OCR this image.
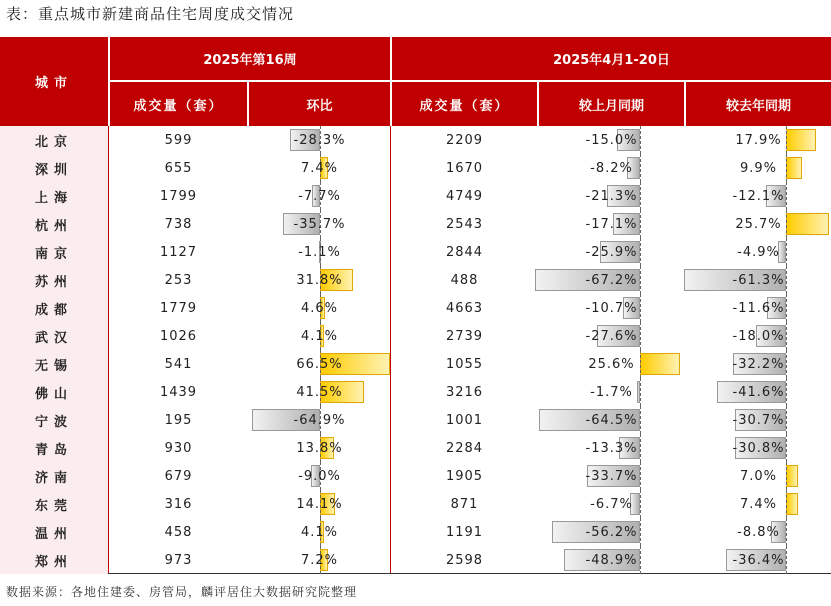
表：重点城市新建商品住宅周度成交情况
城市
2025年第16周	2025年4月1-20日
成交量（套）	环比	成交量（套）	较上月同期	较去年同期
北京	599	-28.3%	2209	-15.0%	17.9%
深圳	655	7.4%	1670	-8.2%	9.9%
上海	1799	-7.7%	4749	-21.3%	-12.1%
杭州	738	-35.7%	2543	-17.1%	25.7%
南京	1127	-1.1%	2844	-25.9%	-4.9%
苏州	253	31.8%	488	-67.2%	-61.3%
成都	1779	4.6%	4663	-10.7%	-11.6%
武汉	1026	4.1%	2739	-27.6%	-18.0%
无锡	541	66.5%	1055	25.6%	-32.2%
佛山	1439	41.5%	3216	-1.7%	-41.6%
宁波	195	-64.9%	1001	-64.5%	-30.7%
青岛	930	13.8%	2284	-13.3%	-30.8%
济南	679	-9.0%	1905	-33.7%	7.0%
东莞	316	14.1%	871	-6.7%	7.4%
温州	458	4.1%	1191	-56.2%	-8.8%
郑州	973	7.2%	2598	-48.9%	-36.4%
数据来源：各地住建委、房管局，麟评居住大数据研究院整理
